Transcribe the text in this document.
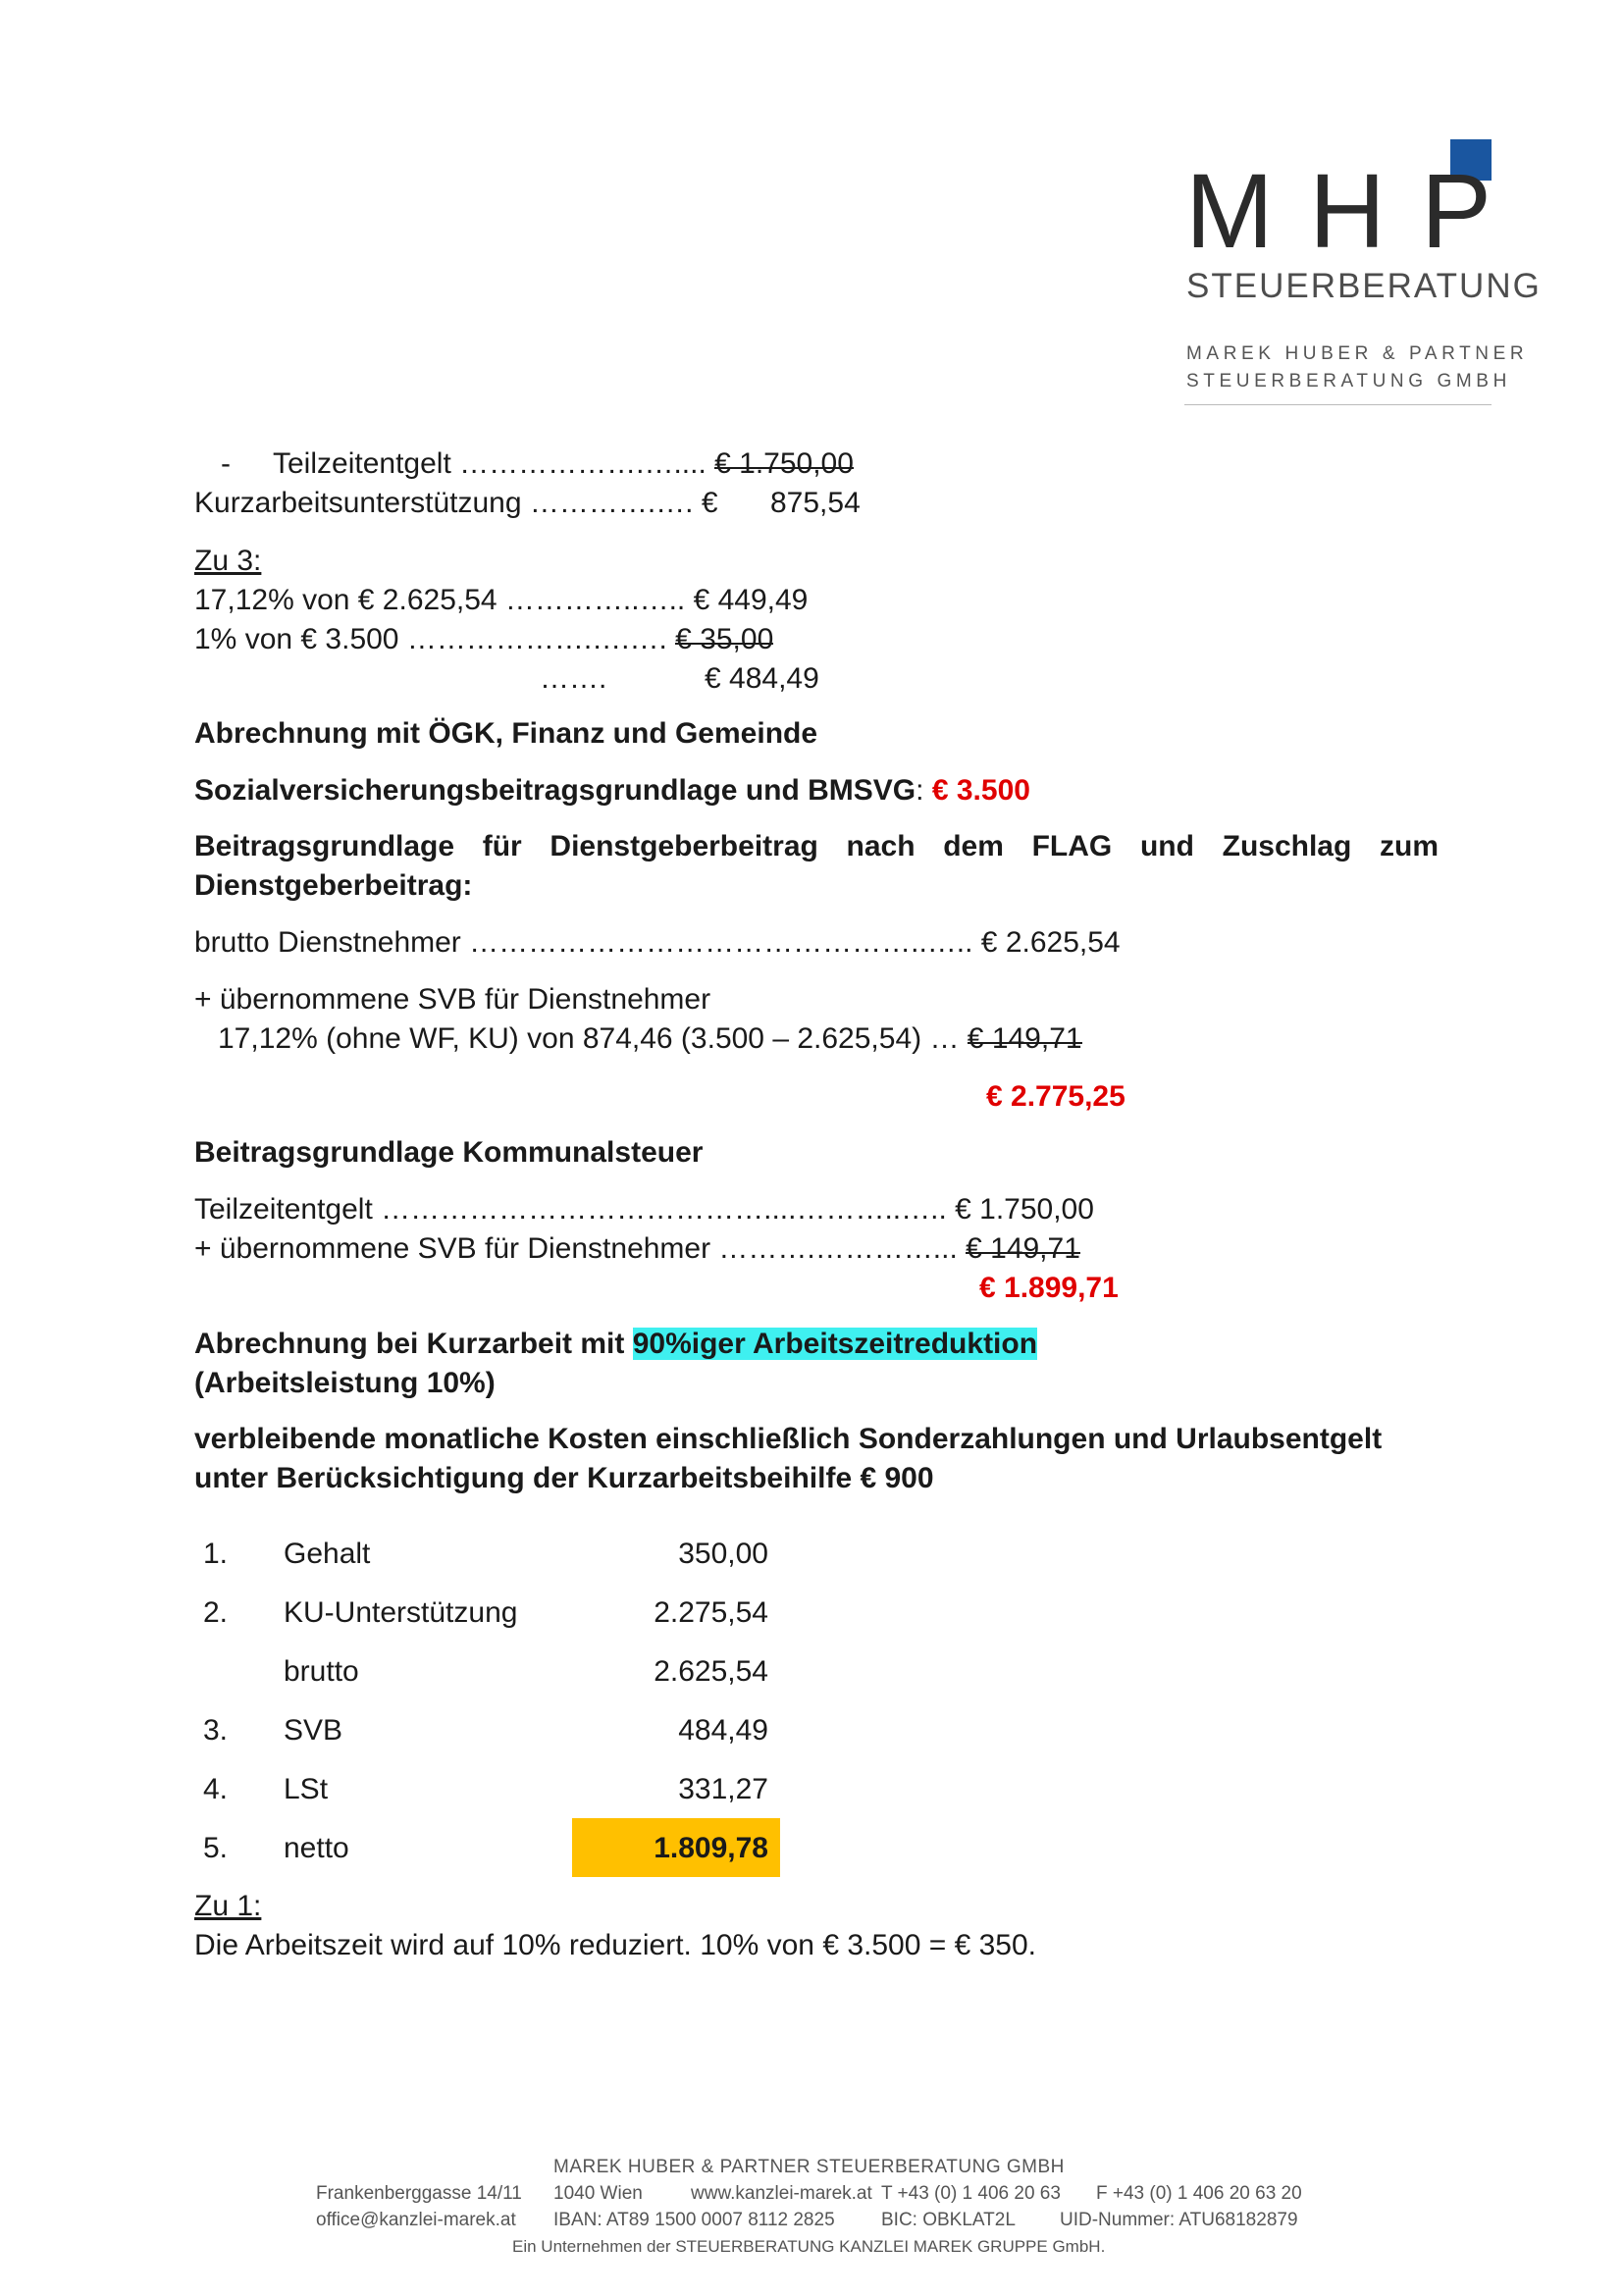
MHP
STEUERBERATUNG
MAREK HUBER & PARTNER
STEUERBERATUNG GMBH
- Teilzeitentgelt ……………….….... € 1.750,00
Kurzarbeitsunterstützung ………….…. € 875,54
Zu 3:
17,12% von € 2.625,54 …………..….. € 449,49
1% von € 3.500 ……………….….…. € 35,00
…….	€ 484,49
Abrechnung mit ÖGK, Finanz und Gemeinde
Sozialversicherungsbeitragsgrundlage und BMSVG: € 3.500
Beitragsgrundlage für Dienstgeberbeitrag nach dem FLAG und Zuschlag zum
Dienstgeberbeitrag:
brutto Dienstnehmer ………………………………………..….. € 2.625,54
+ übernommene SVB für Dienstnehmer
17,12% (ohne WF, KU) von 874,46 (3.500 – 2.625,54) … € 149,71
€ 2.775,25
Beitragsgrundlage Kommunalsteuer
Teilzeitentgelt …………………………………....………..….. € 1.750,00
+ übernommene SVB für Dienstnehmer ……….…………... € 149,71
€ 1.899,71
Abrechnung bei Kurzarbeit mit 90%iger Arbeitszeitreduktion
(Arbeitsleistung 10%)
verbleibende monatliche Kosten einschließlich Sonderzahlungen und Urlaubsentgelt
unter Berücksichtigung der Kurzarbeitsbeihilfe € 900
1. Gehalt	350,00
2. KU-Unterstützung	2.275,54
brutto	2.625,54
3. SVB	484,49
4. LSt	331,27
5. netto	1.809,78
Zu 1:
Die Arbeitszeit wird auf 10% reduziert. 10% von € 3.500 = € 350.
MAREK HUBER & PARTNER STEUERBERATUNG GMBH
Frankenberggasse 14/11 1040 Wien	www.kanzlei-marek.at T +43 (0) 1 406 20 63 F +43 (0) 1 406 20 63 20
office@kanzlei-marek.at IBAN: AT89 1500 0007 8112 2825 BIC: OBKLAT2L UID-Nummer: ATU68182879
Ein Unternehmen der STEUERBERATUNG KANZLEI MAREK GRUPPE GmbH.
